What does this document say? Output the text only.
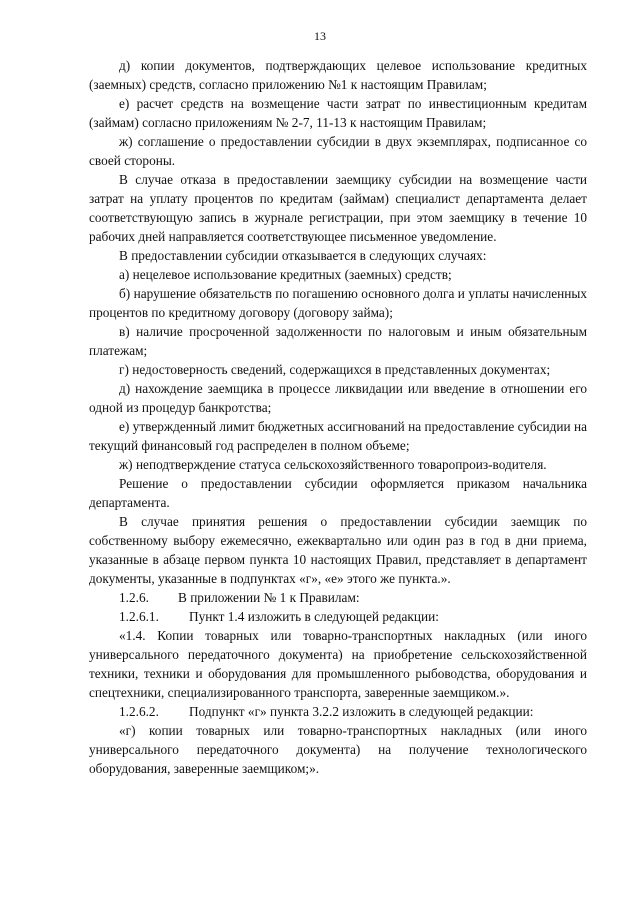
13

д) копии документов, подтверждающих целевое использование кредитных (заемных) средств, согласно приложению №1 к настоящим Правилам;

е) расчет средств на возмещение части затрат по инвестиционным кредитам (займам) согласно приложениям № 2-7, 11-13 к настоящим Правилам;

ж) соглашение о предоставлении субсидии в двух экземплярах, подписанное со своей стороны.

В случае отказа в предоставлении заемщику субсидии на возмещение части затрат на уплату процентов по кредитам (займам) специалист департамента делает соответствующую запись в журнале регистрации, при этом заемщику в течение 10 рабочих дней направляется соответствующее письменное уведомление.

В предоставлении субсидии отказывается в следующих случаях:

а) нецелевое использование кредитных (заемных) средств;

б) нарушение обязательств по погашению основного долга и уплаты начисленных процентов по кредитному договору (договору займа);

в) наличие просроченной задолженности по налоговым и иным обязательным платежам;

г) недостоверность сведений, содержащихся в представленных документах;

д) нахождение заемщика в процессе ликвидации или введение в отношении его одной из процедур банкротства;

е) утвержденный лимит бюджетных ассигнований на предоставление субсидии на текущий финансовый год распределен в полном объеме;

ж) неподтверждение статуса сельскохозяйственного товаропроиз-водителя.

Решение о предоставлении субсидии оформляется приказом начальника департамента.

В случае принятия решения о предоставлении субсидии заемщик по собственному выбору ежемесячно, ежеквартально или один раз в год в дни приема, указанные в абзаце первом пункта 10 настоящих Правил, представляет в департамент документы, указанные в подпунктах «г», «е» этого же пункта.».

1.2.6. В приложении № 1 к Правилам:
1.2.6.1. Пункт 1.4 изложить в следующей редакции:

«1.4. Копии товарных или товарно-транспортных накладных (или иного универсального передаточного документа) на приобретение сельскохозяйственной техники, техники и оборудования для промышленного рыбоводства, оборудования и спецтехники, специализированного транспорта, заверенные заемщиком.».

1.2.6.2. Подпункт «г» пункта 3.2.2 изложить в следующей редакции:

«г) копии товарных или товарно-транспортных накладных (или иного универсального передаточного документа) на получение технологического оборудования, заверенные заемщиком;».
